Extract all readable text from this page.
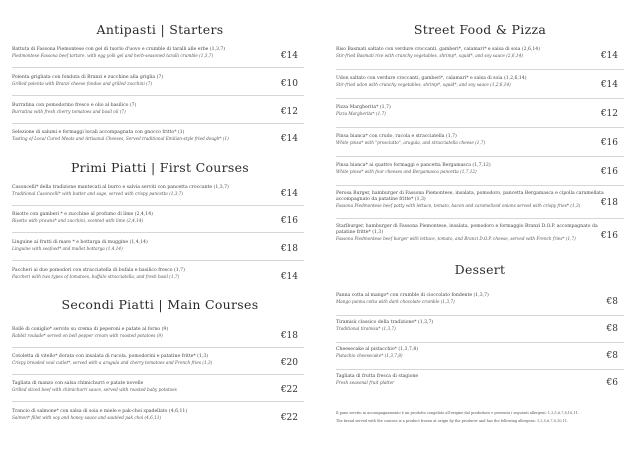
Antipasti | Starters
Battuta di Fassona Piemontese con gel di tuorlo d'uovo e crumble di taralli alle erbe (1,3,7)
Piedmontese Fassona beef tartare, with egg yolk gel and herb-seasoned taralli crumble (1,3,7)	€14
Polenta grigliata con fonduta di Branzi e zucchine alla griglia (7)
Grilled polenta with Branzi cheese fondue and grilled zucchini (7)	€10
Burratina con pomodorino fresco e olio al basilico (7)
Burratina with fresh cherry tomatoes and basil oil (7)	€12
Selezione di salumi e formaggi locali accompagnata con gnocco fritto* (1)
Tasting of Local Cured Meats and Artisanal Cheeses, Served traditional Emilian-style fried dough* (1)	€14
Primi Piatti | First Courses
Casoncelli* della tradizione mantecati al burro e salvia serviti con pancetta croccante (1,3,7)
Traditional Casoncelli* with butter and sage, served with crispy pancetta (1,3,7)	€14
Risotto con gamberi * e zucchine al profumo di lime (2,4,14)
Risotto with prawns* and zucchini, scented with lime (2,4,14)	€16
Linguine ai frutti di mare * e bottarga di muggine (1,4,14)
Linguine with seafood* and mullet bottarga (1,4,14)	€18
Paccheri ai due pomodori con stracciatella di bufala e basilico fresco (1,7)
Paccheri with two types of tomatoes, buffalo stracciatella, and fresh basil (1,7)	€14
Secondi Piatti | Main Courses
Rollè di coniglio* servito su crema di peperoni e patate al forno (9)
Rabbit roulade* served on bell pepper cream with roasted potatoes (9)	€18
Cotoletta di vitello* dorata con insalata di rucola, pomodorini e patatine fritte* (1,3)
Crispy breaded veal cutlet*, served with a arugula and cherry tomatoes and French fries (1,3)	€20
Tagliata di manzo con salsa chimichurri e patate novelle
Grilled sliced beef with chimichurri sauce, served with roasted baby potatoes	€22
Trancio di salmone* con salsa di soia e miele e pak-choi spadellato (4,6,11)
Salmon* fillet with soy and honey sauce and sautéed pak choi (4,6,11)	€22
Street Food & Pizza
Riso Basmati saltato con verdure croccanti, gamberi*, calamari* e salsa di soia (2,6,14)
Stir-fried Basmati rice with crunchy vegetables, shrimp*, squid*, and soy sauce (2,6,14)	€14
Udon saltato con verdure croccanti, gamberi*, calamari* e salsa di soia (1,2,6,14)
Stir-fried udon with crunchy vegetables, shrimp*, squid*, and soy sauce (1,2,6,14)	€14
Pizza Margherita* (1,7)
Pizza Margherita* (1,7)	€12
Pinsa bianca* con crudo, rucola e stracciatella (1,7)
White pinsa* with "prosciutto", arugula, and stracciatella cheese (1,7)	€16
Pinsa bianca* ai quattro formaggi e pancetta Bergamasca (1,7,12)
White pinsa* with four cheeses and Bergamasca pancetta (1,7,12)	€16
Perosa Burger, hamburger di Fassona Piemontese, insalata, pomodoro, pancetta Bergamasca e cipolla caramellata accompagnato da patatine fritte* (1,3)
Fassona Piedmontese beef patty with lettuce, tomato, bacon and caramelized onions served with crispy fries* (1,3)	€18
Starlburger, hamburger di Fassona Piemontese, insalata, pomodoro e formaggio Branzi D.O.P. accompagnato da patatine fritte* (1,3)
Fassona Piedmontese beef burger with lettuce, tomato, and Branzi D.O.P. cheese, served with French fries* (1,7)	€16
Dessert
Panna cotta al mango* con crumble di cioccolato fondente (1,3,7)
Mango panna cotta with dark chocolate crumble (1,3,7)	€8
Tiramisù classico della tradizione* (1,3,7)
Traditional tiramisu* (1,3,7)	€8
Cheesecake al pistacchio* (1,3,7,8)
Pistachio cheesecake* (1,3,7,8)	€8
Tagliata di frutta fresca di stagione
Fresh seasonal fruit platter	€6
Il pane servito in accompagnamento è un prodotto congelato all'origine dal produttore e presenta i seguenti allergeni: 1,3,5,6,7,8,10,11.
The bread served with the courses is a product frozen at origin by the producer and has the following allergens: 1,3,5,6,7,8,10,11.
